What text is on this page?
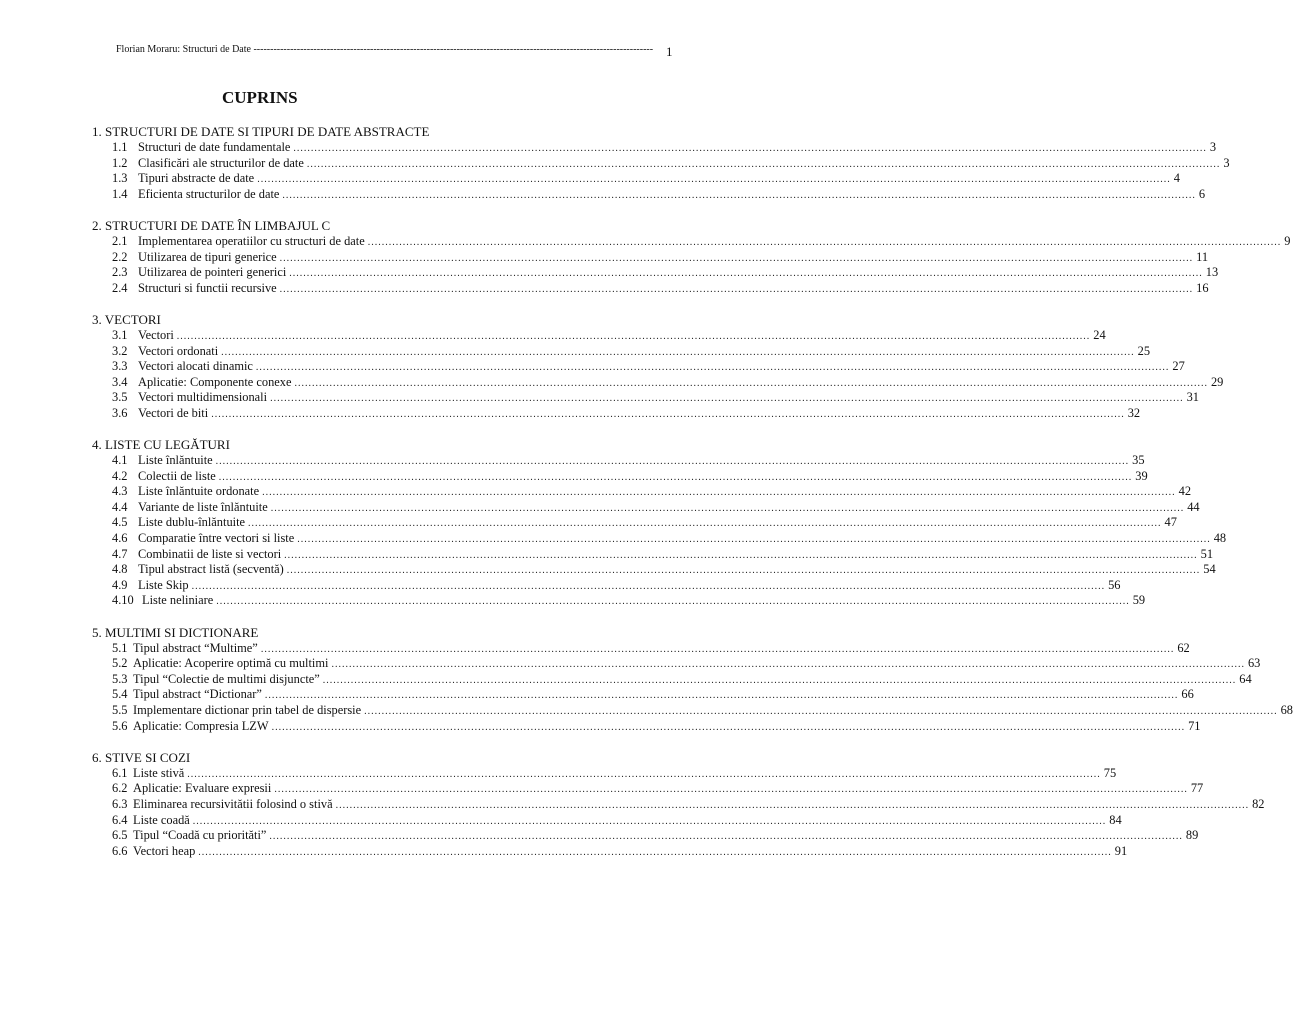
Florian Moraru: Structuri de Date ------------------------------------------------------------------------------------------------------------------------ 1
CUPRINS
1. STRUCTURI DE DATE SI TIPURI DE DATE ABSTRACTE
1.1 Structuri de date fundamentale .....	3
1.2 Clasificări ale structurilor de date .....	3
1.3 Tipuri abstracte de date .....	4
1.4 Eficienta structurilor de date .....	6
2. STRUCTURI DE DATE ÎN LIMBAJUL C
2.1 Implementarea operatiilor cu structuri de date .....	9
2.2 Utilizarea de tipuri generice .....	11
2.3 Utilizarea de pointeri generici .....	13
2.4 Structuri si functii recursive .....	16
3. VECTORI
3.1 Vectori .....	24
3.2 Vectori ordonati .....	25
3.3 Vectori alocati dinamic .....	27
3.4 Aplicatie: Componente conexe .....	29
3.5 Vectori multidimensionali .....	31
3.6 Vectori de biti .....	32
4. LISTE CU LEGĂTURI
4.1 Liste înlăntuite .....	35
4.2 Colectii de liste .....	39
4.3 Liste înlăntuite ordonate .....	42
4.4 Variante de liste înlăntuite .....	44
4.5 Liste dublu-înlăntuite .....	47
4.6 Comparatie între vectori si liste .....	48
4.7 Combinatii de liste si vectori .....	51
4.8 Tipul abstract listă (secventă) .....	54
4.9 Liste Skip .....	56
4.10 Liste neliniare .....	59
5. MULTIMI SI DICTIONARE
5.1 Tipul abstract “Multime” .....	62
5.2 Aplicatie: Acoperire optimă cu multimi .....	63
5.3 Tipul “Colectie de multimi disjuncte” .....	64
5.4 Tipul abstract “Dictionar” .....	66
5.5 Implementare dictionar prin tabel de dispersie .....	68
5.6 Aplicatie: Compresia LZW .....	71
6. STIVE SI COZI
6.1 Liste stivă .....	75
6.2 Aplicatie: Evaluare expresii .....	77
6.3 Eliminarea recursivitătii folosind o stivă .....	82
6.4 Liste coadă .....	84
6.5 Tipul “Coadă cu priorităti” .....	89
6.6 Vectori heap .....	91
